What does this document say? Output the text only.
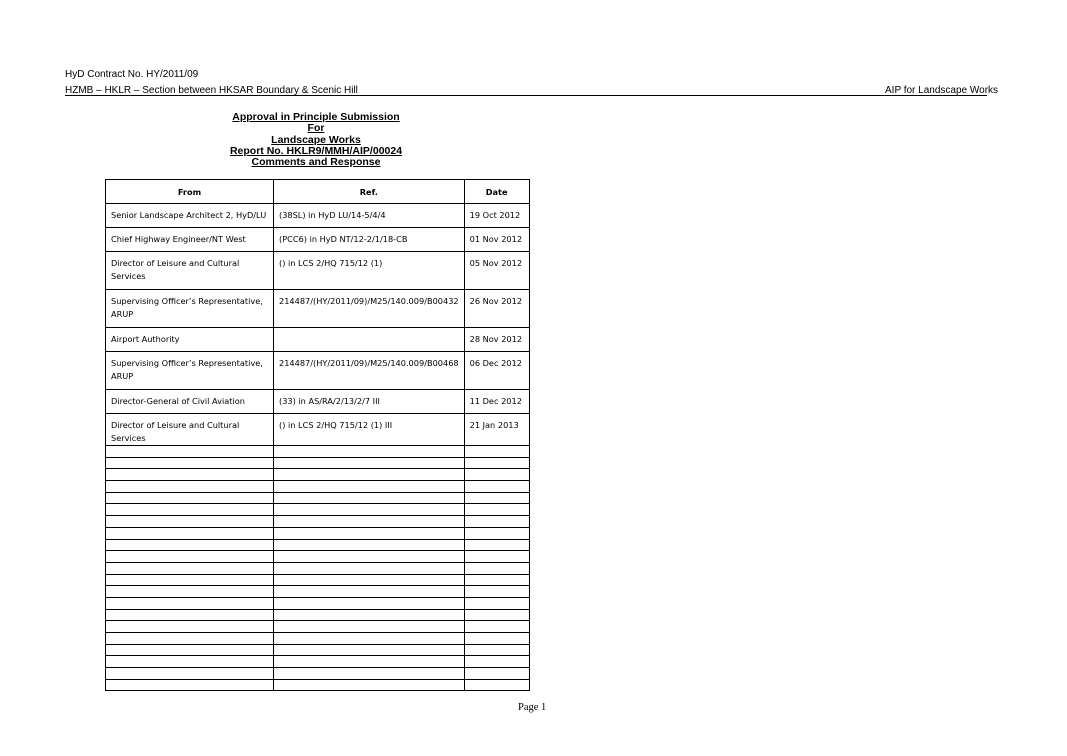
HyD Contract No. HY/2011/09
HZMB – HKLR – Section between HKSAR Boundary & Scenic Hill	AIP for Landscape Works
Approval in Principle Submission
For
Landscape Works
Report No. HKLR9/MMH/AIP/00024
Comments and Response
From	Ref.	Date
Senior Landscape Architect 2, HyD/LU	(38SL) in HyD LU/14-5/4/4	19 Oct 2012
Chief Highway Engineer/NT West	(PCC6) in HyD NT/12-2/1/18-CB	01 Nov 2012
Director of Leisure and Cultural Services	() in LCS 2/HQ 715/12 (1)	05 Nov 2012
Supervising Officer’s Representative, ARUP	214487/(HY/2011/09)/M25/140.009/B00432	26 Nov 2012
Airport Authority		28 Nov 2012
Supervising Officer’s Representative, ARUP	214487/(HY/2011/09)/M25/140.009/B00468	06 Dec 2012
Director-General of Civil Aviation	(33) in AS/RA/2/13/2/7 III	11 Dec 2012
Director of Leisure and Cultural Services	() in LCS 2/HQ 715/12 (1) III	21 Jan 2013

Page 1
